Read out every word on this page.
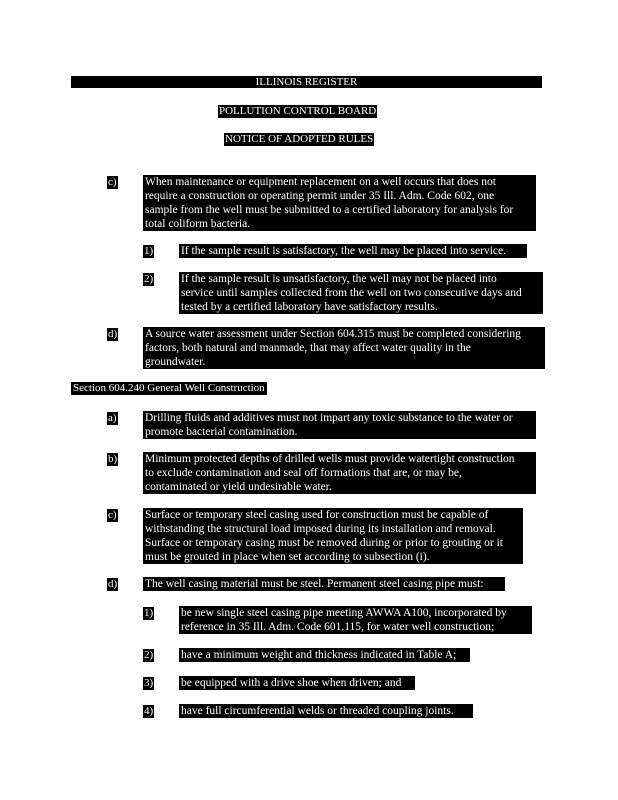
ILLINOIS REGISTER
POLLUTION CONTROL BOARD
NOTICE OF ADOPTED RULES
c) When maintenance or equipment replacement on a well occurs that does not
require a construction or operating permit under 35 Ill. Adm. Code 602, one
sample from the well must be submitted to a certified laboratory for analysis for
total coliform bacteria.
1) If the sample result is satisfactory, the well may be placed into service.
2) If the sample result is unsatisfactory, the well may not be placed into
service until samples collected from the well on two consecutive days and
tested by a certified laboratory have satisfactory results.
d) A source water assessment under Section 604.315 must be completed considering
factors, both natural and manmade, that may affect water quality in the
groundwater.
Section 604.240 General Well Construction
a) Drilling fluids and additives must not impart any toxic substance to the water or
promote bacterial contamination.
b) Minimum protected depths of drilled wells must provide watertight construction
to exclude contamination and seal off formations that are, or may be,
contaminated or yield undesirable water.
c) Surface or temporary steel casing used for construction must be capable of
withstanding the structural load imposed during its installation and removal.
Surface or temporary casing must be removed during or prior to grouting or it
must be grouted in place when set according to subsection (i).
d) The well casing material must be steel. Permanent steel casing pipe must:
1) be new single steel casing pipe meeting AWWA A100, incorporated by
reference in 35 Ill. Adm. Code 601.115, for water well construction;
2) have a minimum weight and thickness indicated in Table A;
3) be equipped with a drive shoe when driven; and
4) have full circumferential welds or threaded coupling joints.
